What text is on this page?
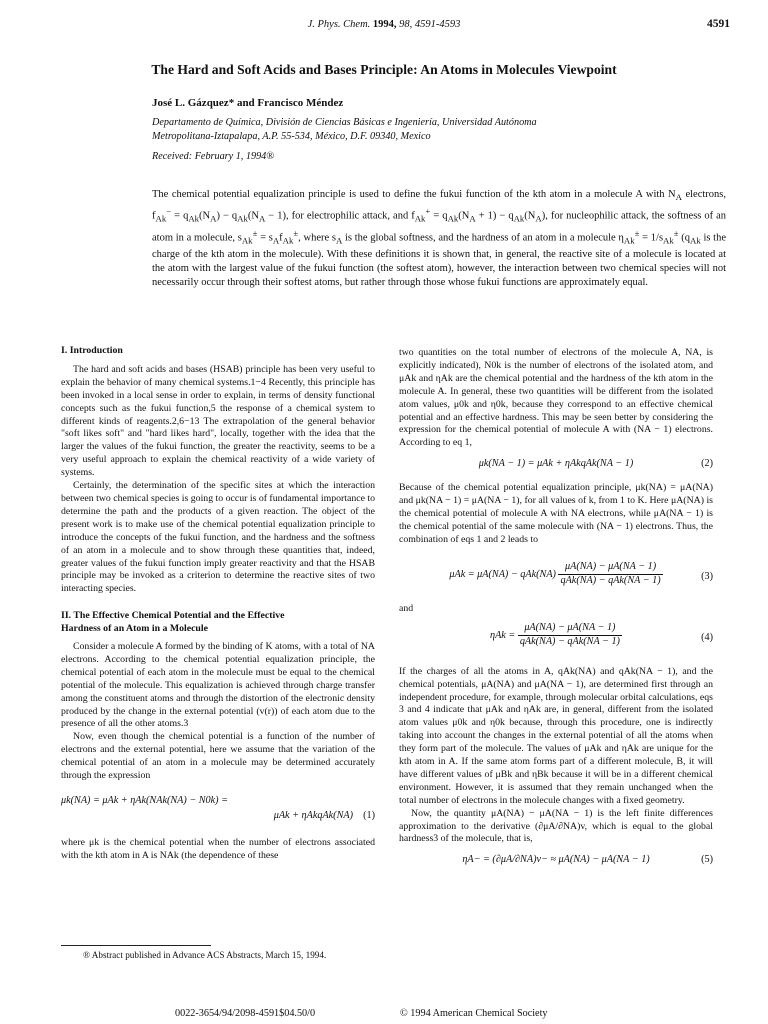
J. Phys. Chem. 1994, 98, 4591-4593	4591
The Hard and Soft Acids and Bases Principle: An Atoms in Molecules Viewpoint
José L. Gázquez* and Francisco Méndez
Departamento de Química, División de Ciencias Básicas e Ingeniería, Universidad Autónoma
Metropolitana-Iztapalapa, A.P. 55-534, México, D.F. 09340, Mexico
Received: February 1, 1994®
The chemical potential equalization principle is used to define the fukui function of the kth atom in a molecule A with $N_A$ electrons, $f_{Ak}^- = q_{Ak}(N_A) - q_{Ak}(N_A - 1)$, for electrophilic attack, and $f_{Ak}^+ = q_{Ak}(N_A + 1) - q_{Ak}(N_A)$, for nucleophilic attack, the softness of an atom in a molecule, $s_{Ak}^\pm = s_Af_{Ak}^\pm$, where $s_A$ is the global softness, and the hardness of an atom in a molecule $\eta_{Ak}^\pm = 1/s_{Ak}^\pm$ ($q_{Ak}$ is the charge of the kth atom in the molecule). With these definitions it is shown that, in general, the reactive site of a molecule is located at the atom with the largest value of the fukui function (the softest atom), however, the interaction between two chemical species will not necessarily occur through their softest atoms, but rather through those whose fukui functions are approximately equal.
I. Introduction

The hard and soft acids and bases (HSAB) principle has been very useful to explain the behavior of many chemical systems.1−4 Recently, this principle has been invoked in a local sense in order to explain, in terms of density functional concepts such as the fukui function,5 the response of a chemical system to different kinds of reagents.2,6−13 The extrapolation of the general behavior "soft likes soft" and "hard likes hard", locally, together with the idea that the larger the values of the fukui function, the greater the reactivity, seems to be a very useful approach to explain the chemical reactivity of a wide variety of systems.

Certainly, the determination of the specific sites at which the interaction between two chemical species is going to occur is of fundamental importance to determine the path and the products of a given reaction. The object of the present work is to make use of the chemical potential equalization principle to introduce the concepts of the fukui function, and the hardness and the softness of an atom in a molecule and to show through these quantities that, indeed, greater values of the fukui function imply greater reactivity and that the HSAB principle may be invoked as a criterion to determine the reactive sites of two interacting species.

II. The Effective Chemical Potential and the Effective
Hardness of an Atom in a Molecule

Consider a molecule A formed by the binding of K atoms, with a total of NA electrons. According to the chemical potential equalization principle, the chemical potential of each atom in the molecule must be equal to the chemical potential of the molecule. This equalization is achieved through charge transfer among the constituent atoms and through the distortion of the electronic density produced by the change in the external potential (v(r)) of each atom due to the presence of all the other atoms.3

Now, even though the chemical potential is a function of the number of electrons and the external potential, here we assume that the variation of the chemical potential of an atom in a molecule may be determined accurately through the expression

μk(NA) = μAk + ηAk(NAk(NA) − N0k) =
μAk + ηAkqAk(NA) (1)

where μk is the chemical potential when the number of electrons associated with the kth atom in A is NAk (the dependence of these

® Abstract published in Advance ACS Abstracts, March 15, 1994.

two quantities on the total number of electrons of the molecule A, NA, is explicitly indicated), N0k is the number of electrons of the isolated atom, and μAk and ηAk are the chemical potential and the hardness of the kth atom in the molecule A. In general, these two quantities will be different from the isolated atom values, μ0k and η0k, because they correspond to an effective chemical potential and an effective hardness. This may be seen better by considering the expression for the chemical potential of molecule A with (NA − 1) electrons. According to eq 1,

μk(NA − 1) = μAk + ηAkqAk(NA − 1)	(2)

Because of the chemical potential equalization principle, μk(NA) = μA(NA) and μk(NA − 1) = μA(NA − 1), for all values of k, from 1 to K. Here μA(NA) is the chemical potential of molecule A with NA electrons, while μA(NA − 1) is the chemical potential of the same molecule with (NA − 1) electrons. Thus, the combination of eqs 1 and 2 leads to

$\mu Ak = \mu A(NA) - qAk(NA) \frac{\mu A(NA) - \mu A(NA - 1)}{\text{qAk(NA) − qAk(NA − 1)}}$	(3)
and
$\eta Ak = \frac{\mu A(NA) - \mu A(NA - 1)}{\text{qAk(NA) − qAk(NA − 1)}}$	(4)

If the charges of all the atoms in A, qAk(NA) and qAk(NA − 1), and the chemical potentials, μA(NA) and μA(NA − 1), are determined first through an independent procedure, for example, through molecular orbital calculations, eqs 3 and 4 indicate that μAk and ηAk are, in general, different from the isolated atom values μ0k and η0k because, through this procedure, one is indirectly taking into account the changes in the external potential of all the atoms when they form part of the molecule. The values of μAk and ηAk are unique for the kth atom in A. If the same atom forms part of a different molecule, B, it will have different values of μBk and ηBk because it will be in a different chemical environment. However, it is assumed that they remain unchanged when the total number of electrons in the molecule changes with a fixed geometry.

Now, the quantity μA(NA) − μA(NA − 1) is the left finite differences approximation to the derivative (∂μA/∂NA)v, which is equal to the global hardness3 of the molecule, that is,

ηA− = (∂μA/∂NA)v− ≈ μA(NA) − μA(NA − 1)	(5)
0022-3654/94/2098-4591$04.50/0	© 1994 American Chemical Society
